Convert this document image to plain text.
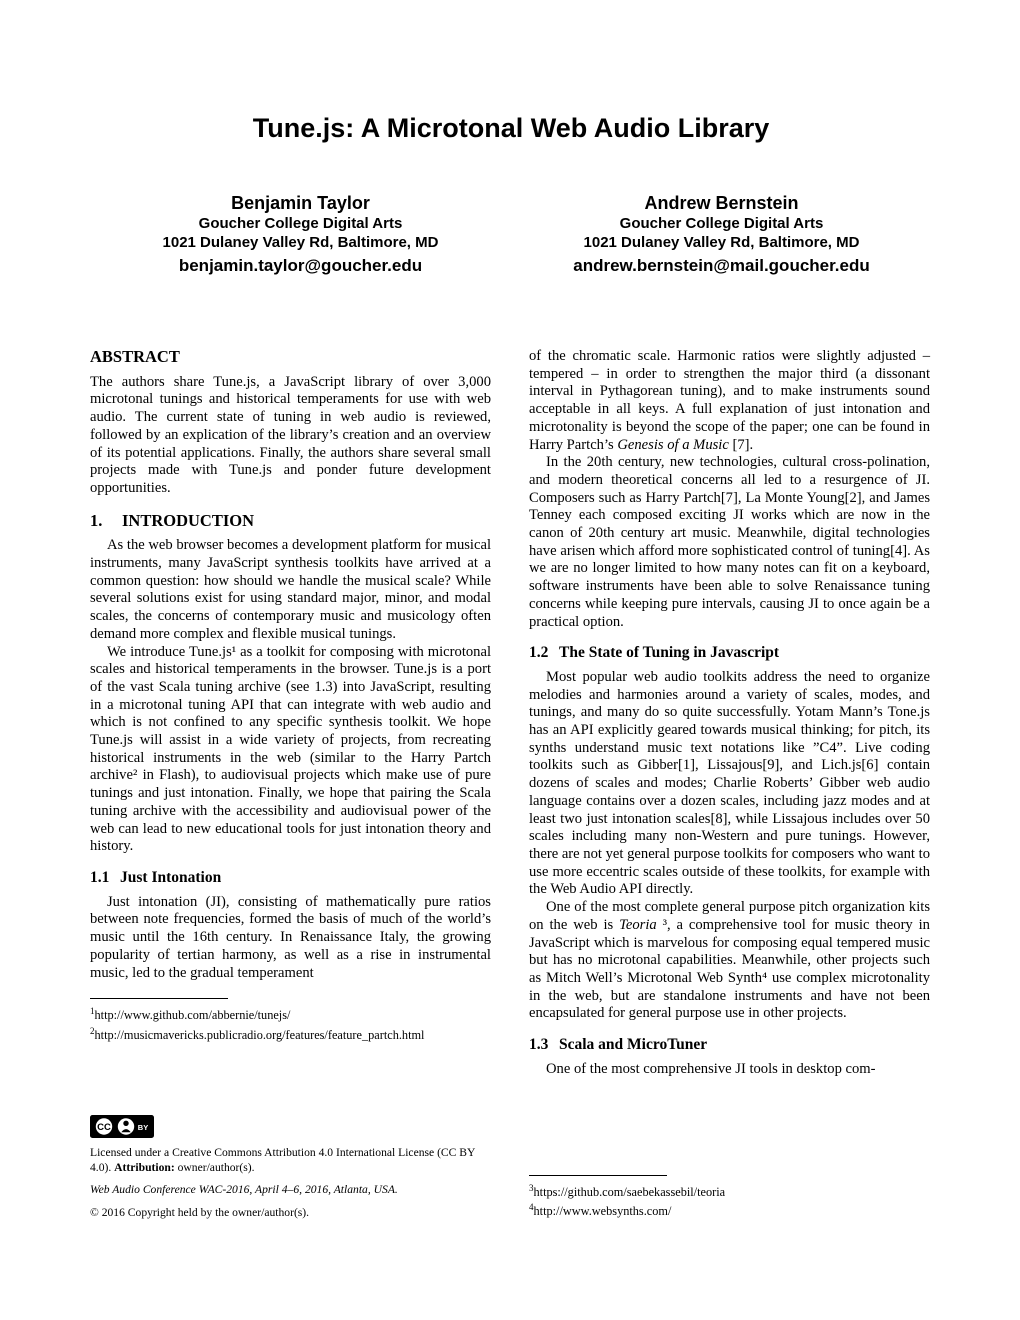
Tune.js: A Microtonal Web Audio Library
Benjamin Taylor
Goucher College Digital Arts
1021 Dulaney Valley Rd, Baltimore, MD
benjamin.taylor@goucher.edu
Andrew Bernstein
Goucher College Digital Arts
1021 Dulaney Valley Rd, Baltimore, MD
andrew.bernstein@mail.goucher.edu
ABSTRACT

The authors share Tune.js, a JavaScript library of over 3,000 microtonal tunings and historical temperaments for use with web audio. The current state of tuning in web audio is reviewed, followed by an explication of the library’s creation and an overview of its potential applications. Finally, the authors share several small projects made with Tune.js and ponder future development opportunities.

1. INTRODUCTION

As the web browser becomes a development platform for musical instruments, many JavaScript synthesis toolkits have arrived at a common question: how should we handle the musical scale? While several solutions exist for using standard major, minor, and modal scales, the concerns of contemporary music and musicology often demand more complex and flexible musical tunings.

We introduce Tune.js¹ as a toolkit for composing with microtonal scales and historical temperaments in the browser. Tune.js is a port of the vast Scala tuning archive (see 1.3) into JavaScript, resulting in a microtonal tuning API that can integrate with web audio and which is not confined to any specific synthesis toolkit. We hope Tune.js will assist in a wide variety of projects, from recreating historical instruments in the web (similar to the Harry Partch archive² in Flash), to audiovisual projects which make use of pure tunings and just intonation. Finally, we hope that pairing the Scala tuning archive with the accessibility and audiovisual power of the web can lead to new educational tools for just intonation theory and history.

1.1 Just Intonation

Just intonation (JI), consisting of mathematically pure ratios between note frequencies, formed the basis of much of the world’s music until the 16th century. In Renaissance Italy, the growing popularity of tertian harmony, as well as a rise in instrumental music, led to the gradual temperament

$^1$http://www.github.com/abbernie/tunejs/
$^2$http://musicmavericks.publicradio.org/features/feature_partch.html
CC	BY

Licensed under a Creative Commons Attribution 4.0 International License (CC BY 4.0). Attribution: owner/author(s).

Web Audio Conference WAC-2016, April 4–6, 2016, Atlanta, USA.

© 2016 Copyright held by the owner/author(s).

of the chromatic scale. Harmonic ratios were slightly adjusted – tempered – in order to strengthen the major third (a dissonant interval in Pythagorean tuning), and to make instruments sound acceptable in all keys. A full explanation of just intonation and microtonality is beyond the scope of the paper; one can be found in Harry Partch’s Genesis of a Music [7].

In the 20th century, new technologies, cultural cross-polination, and modern theoretical concerns all led to a resurgence of JI. Composers such as Harry Partch[7], La Monte Young[2], and James Tenney each composed exciting JI works which are now in the canon of 20th century art music. Meanwhile, digital technologies have arisen which afford more sophisticated control of tuning[4]. As we are no longer limited to how many notes can fit on a keyboard, software instruments have been able to solve Renaissance tuning concerns while keeping pure intervals, causing JI to once again be a practical option.

1.2 The State of Tuning in Javascript

Most popular web audio toolkits address the need to organize melodies and harmonies around a variety of scales, modes, and tunings, and many do so quite successfully. Yotam Mann’s Tone.js has an API explicitly geared towards musical thinking; for pitch, its synths understand music text notations like ”C4”. Live coding toolkits such as Gibber[1], Lissajous[9], and Lich.js[6] contain dozens of scales and modes; Charlie Roberts’ Gibber web audio language contains over a dozen scales, including jazz modes and at least two just intonation scales[8], while Lissajous includes over 50 scales including many non-Western and pure tunings. However, there are not yet general purpose toolkits for composers who want to use more eccentric scales outside of these toolkits, for example with the Web Audio API directly.

One of the most complete general purpose pitch organization kits on the web is Teoria ³, a comprehensive tool for music theory in JavaScript which is marvelous for composing equal tempered music but has no microtonal capabilities. Meanwhile, other projects such as Mitch Well’s Microtonal Web Synth⁴ use complex microtonality in the web, but are standalone instruments and have not been encapsulated for general purpose use in other projects.

1.3 Scala and MicroTuner

One of the most comprehensive JI tools in desktop com-

$^3$https://github.com/saebekassebil/teoria
$^4$http://www.websynths.com/
